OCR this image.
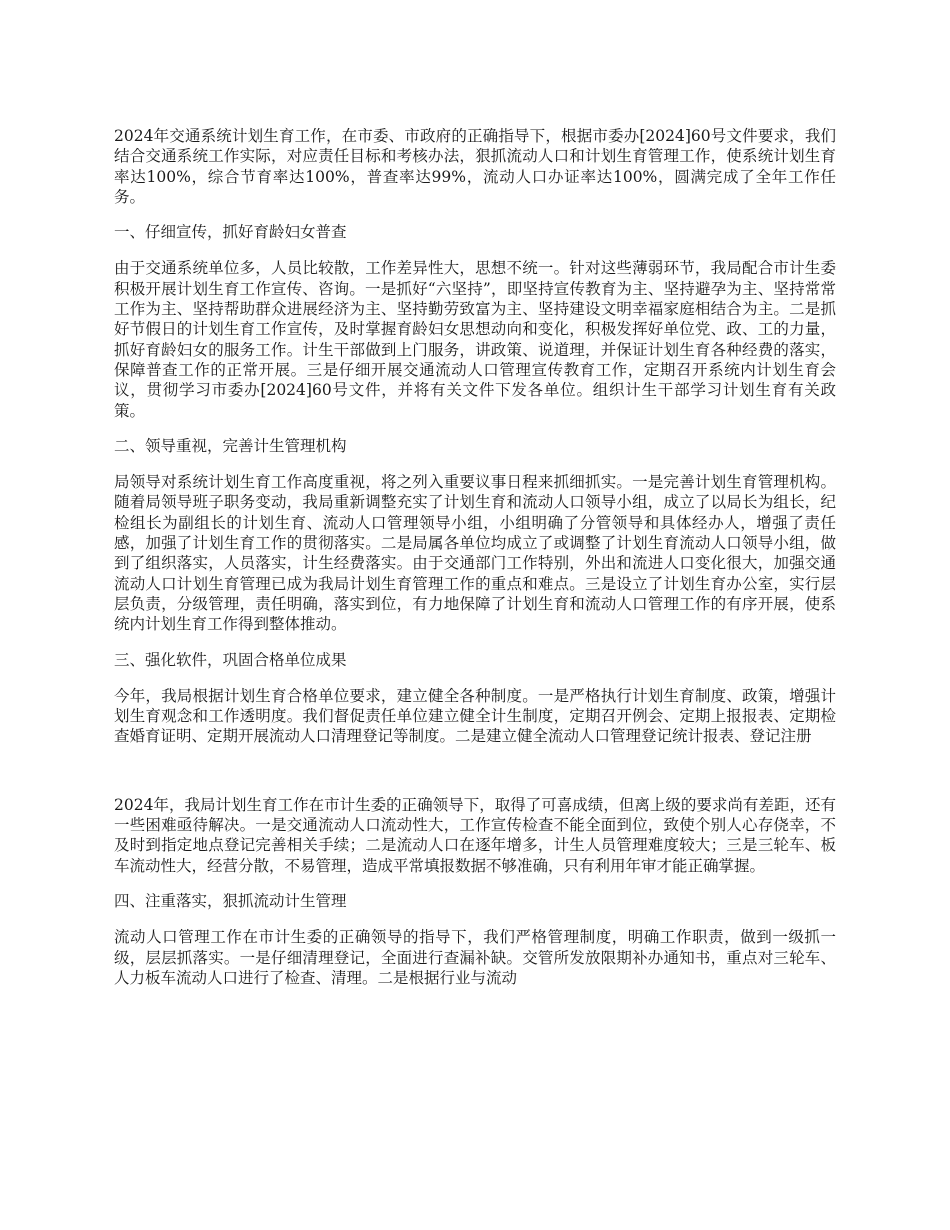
2024年交通系统计划生育工作，在市委、市政府的正确指导下，根据市委办[2024]60号文件要求，我们结合交通系统工作实际，对应责任目标和考核办法，狠抓流动人口和计划生育管理工作，使系统计划生育率达100%，综合节育率达100%，普查率达99%，流动人口办证率达100%，圆满完成了全年工作任务。

一、仔细宣传，抓好育龄妇女普查

由于交通系统单位多，人员比较散，工作差异性大，思想不统一。针对这些薄弱环节，我局配合市计生委积极开展计划生育工作宣传、咨询。一是抓好“六坚持”，即坚持宣传教育为主、坚持避孕为主、坚持常常工作为主、坚持帮助群众进展经济为主、坚持勤劳致富为主、坚持建设文明幸福家庭相结合为主。二是抓好节假日的计划生育工作宣传，及时掌握育龄妇女思想动向和变化，积极发挥好单位党、政、工的力量，抓好育龄妇女的服务工作。计生干部做到上门服务，讲政策、说道理，并保证计划生育各种经费的落实，保障普查工作的正常开展。三是仔细开展交通流动人口管理宣传教育工作，定期召开系统内计划生育会议，贯彻学习市委办[2024]60号文件，并将有关文件下发各单位。组织计生干部学习计划生育有关政策。

二、领导重视，完善计生管理机构

局领导对系统计划生育工作高度重视，将之列入重要议事日程来抓细抓实。一是完善计划生育管理机构。随着局领导班子职务变动，我局重新调整充实了计划生育和流动人口领导小组，成立了以局长为组长，纪检组长为副组长的计划生育、流动人口管理领导小组，小组明确了分管领导和具体经办人，增强了责任感，加强了计划生育工作的贯彻落实。二是局属各单位均成立了或调整了计划生育流动人口领导小组，做到了组织落实，人员落实，计生经费落实。由于交通部门工作特别，外出和流进人口变化很大，加强交通流动人口计划生育管理已成为我局计划生育管理工作的重点和难点。三是设立了计划生育办公室，实行层层负责，分级管理，责任明确，落实到位，有力地保障了计划生育和流动人口管理工作的有序开展，使系统内计划生育工作得到整体推动。

三、强化软件，巩固合格单位成果

今年，我局根据计划生育合格单位要求，建立健全各种制度。一是严格执行计划生育制度、政策，增强计划生育观念和工作透明度。我们督促责任单位建立健全计生制度，定期召开例会、定期上报报表、定期检查婚育证明、定期开展流动人口清理登记等制度。二是建立健全流动人口管理登记统计报表、登记注册

2024年，我局计划生育工作在市计生委的正确领导下，取得了可喜成绩，但离上级的要求尚有差距，还有一些困难亟待解决。一是交通流动人口流动性大，工作宣传检查不能全面到位，致使个别人心存侥幸，不及时到指定地点登记完善相关手续；二是流动人口在逐年增多，计生人员管理难度较大；三是三轮车、板车流动性大，经营分散，不易管理，造成平常填报数据不够准确，只有利用年审才能正确掌握。

四、注重落实，狠抓流动计生管理

流动人口管理工作在市计生委的正确领导的指导下，我们严格管理制度，明确工作职责，做到一级抓一级，层层抓落实。一是仔细清理登记，全面进行查漏补缺。交管所发放限期补办通知书，重点对三轮车、人力板车流动人口进行了检查、清理。二是根据行业与流动
